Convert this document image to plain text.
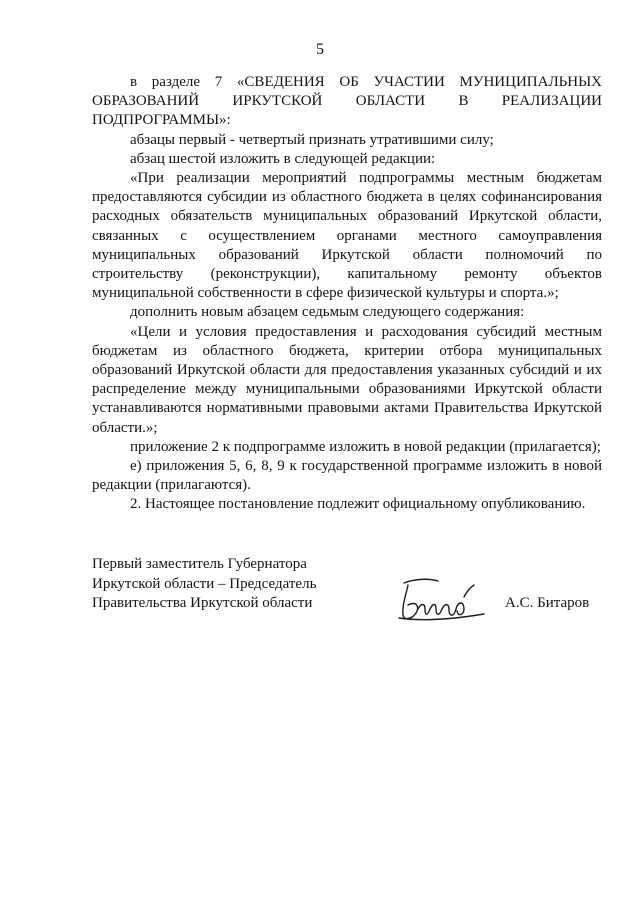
5

в разделе 7 «СВЕДЕНИЯ ОБ УЧАСТИИ МУНИЦИПАЛЬНЫХ ОБРАЗОВАНИЙ ИРКУТСКОЙ ОБЛАСТИ В РЕАЛИЗАЦИИ ПОДПРОГРАММЫ»:

абзацы первый - четвертый признать утратившими силу;

абзац шестой изложить в следующей редакции:

«При реализации мероприятий подпрограммы местным бюджетам предоставляются субсидии из областного бюджета в целях софинансирования расходных обязательств муниципальных образований Иркутской области, связанных с осуществлением органами местного самоуправления муниципальных образований Иркутской области полномочий по строительству (реконструкции), капитальному ремонту объектов муниципальной собственности в сфере физической культуры и спорта.»;

дополнить новым абзацем седьмым следующего содержания:

«Цели и условия предоставления и расходования субсидий местным бюджетам из областного бюджета, критерии отбора муниципальных образований Иркутской области для предоставления указанных субсидий и их распределение между муниципальными образованиями Иркутской области устанавливаются нормативными правовыми актами Правительства Иркутской области.»;

приложение 2 к подпрограмме изложить в новой редакции (прилагается);

е) приложения 5, 6, 8, 9 к государственной программе изложить в новой редакции (прилагаются).

2. Настоящее постановление подлежит официальному опубликованию.

Первый заместитель Губернатора
Иркутской области – Председатель
Правительства Иркутской области	А.С. Битаров
